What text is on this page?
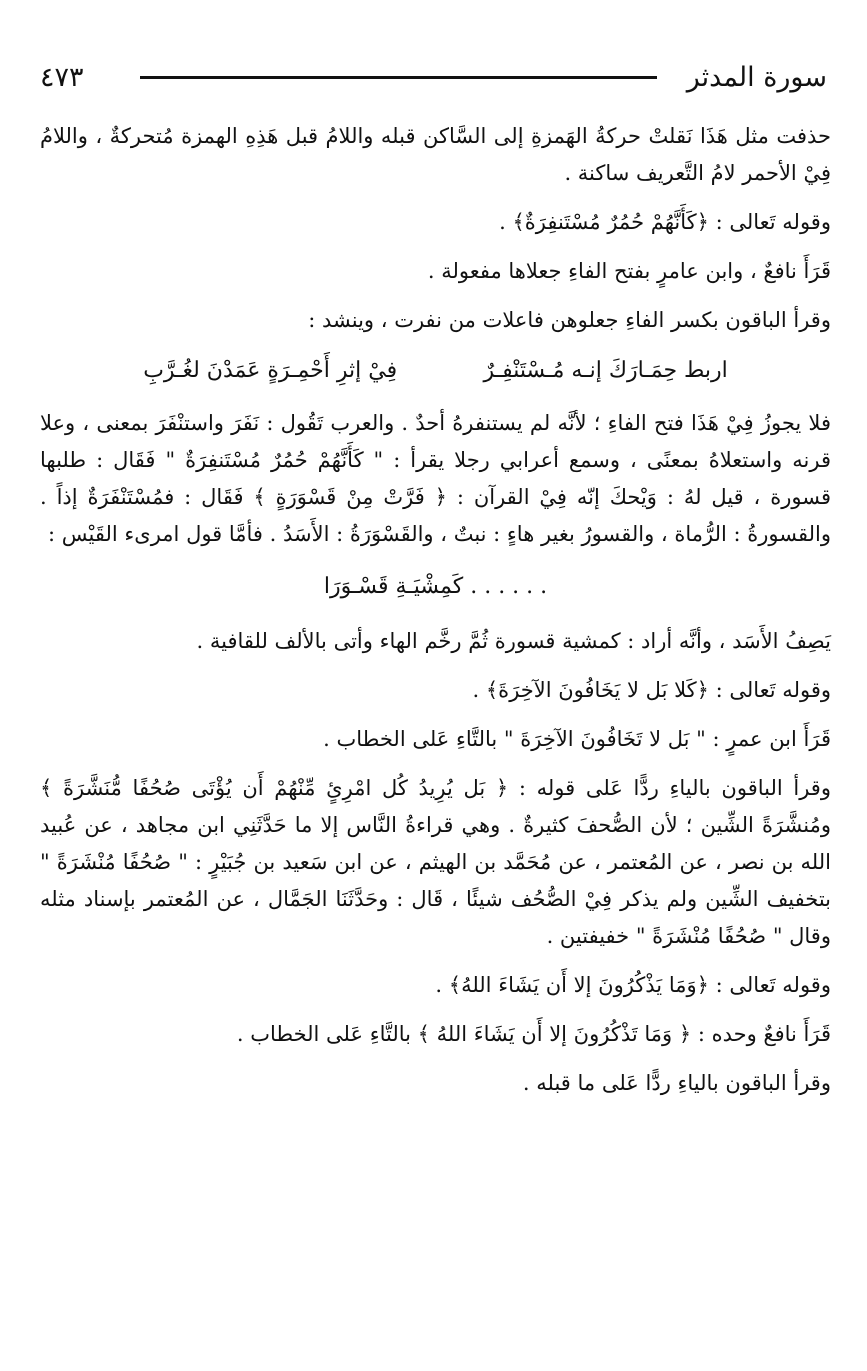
سورة المدثر
٤٧٣

حذفت مثل هَذَا نَقلتْ حركةُ الهَمزةِ إلى السَّاكن قبله واللامُ قبل هَذِهِ الهمزة مُتحركةٌ ، واللامُ فِيْ الأحمر لامُ التَّعريف ساكنة .

وقوله تَعالى : ﴿كَأَنَّهُمْ حُمُرٌ مُسْتَنفِرَةٌ﴾ .

قَرَأَ نافعٌ ، وابن عامرٍ بفتح الفاءِ جعلاها مفعولة .

وقرأ الباقون بكسر الفاءِ جعلوهن فاعلات من نفرت ، وينشد :

اربط حِمَـارَكَ إنـه مُـسْتَنْفِـرٌ
فِيْ إثرِ أَحْمِـرَةٍ عَمَدْنَ لغُـرَّبِ

فلا يجوزُ فِيْ هَذَا فتح الفاءِ ؛ لأنَّه لم يستنفرهُ أحدٌ . والعرب تَقُول : نَفَرَ واستنْفَرَ بمعنى ، وعلا قرنه واستعلاهُ بمعنًى ، وسمع أعرابي رجلا يقرأ : " كَأَنَّهُمْ حُمُرٌ مُسْتَنفِرَةٌ " فَقَال : طلبها قسورة ، قيل لهُ : وَيْحكَ إنّه فِيْ القرآن : ﴿ فَرَّتْ مِنْ قَسْوَرَةٍ ﴾ فَقَال : فمُسْتَنْفَرَةٌ إذاً . والقسورةُ : الرُّماة ، والقسورُ بغير هاءٍ : نبتٌ ، والقَسْوَرَةُ : الأَسَدُ . فأمَّا قول امرىء القَيْس :

. . . . . . كَمِشْيَـةِ قَسْـوَرَا

يَصِفُ الأَسَد ، وأنَّه أراد : كمشية قسورة ثُمَّ رخَّم الهاء وأتى بالألف للقافية .

وقوله تَعالى : ﴿كَلا بَل لا يَخَافُونَ الآخِرَةَ﴾ .

قَرَأَ ابن عمرٍ : " بَل لا تَخَافُونَ الآخِرَةَ " بالتَّاءِ عَلى الخطاب .

وقرأ الباقون بالياءِ ردًّا عَلى قوله : ﴿ بَل يُرِيدُ كُل امْرِئٍ مِّنْهُمْ أَن يُؤْتَى صُحُفًا مُّنَشَّرَةً ﴾ ومُنشَّرَةً الشِّين ؛ لأن الصُّحفَ كثيرةٌ . وهي قراءةُ النَّاس إلا ما حَدَّثَنِي ابن مجاهد ، عن عُبيد الله بن نصر ، عن المُعتمر ، عن مُحَمَّد بن الهيثم ، عن ابن سَعيد بن جُبَيْرٍ : " صُحُفًا مُنْشَرَةً " بتخفيف الشِّين ولم يذكر فِيْ الصُّحُف شيئًا ، قَال : وحَدَّثَنَا الجَمَّال ، عن المُعتمر بإسناد مثله وقال " صُحُفًا مُنْشَرَةً " خفيفتين .

وقوله تَعالى : ﴿وَمَا يَذْكُرُونَ إلا أَن يَشَاءَ اللهُ﴾ .

قَرَأَ نافعٌ وحده : ﴿ وَمَا تَذْكُرُونَ إلا أَن يَشَاءَ اللهُ ﴾ بالتَّاءِ عَلى الخطاب .

وقرأ الباقون بالياءِ ردًّا عَلى ما قبله .
